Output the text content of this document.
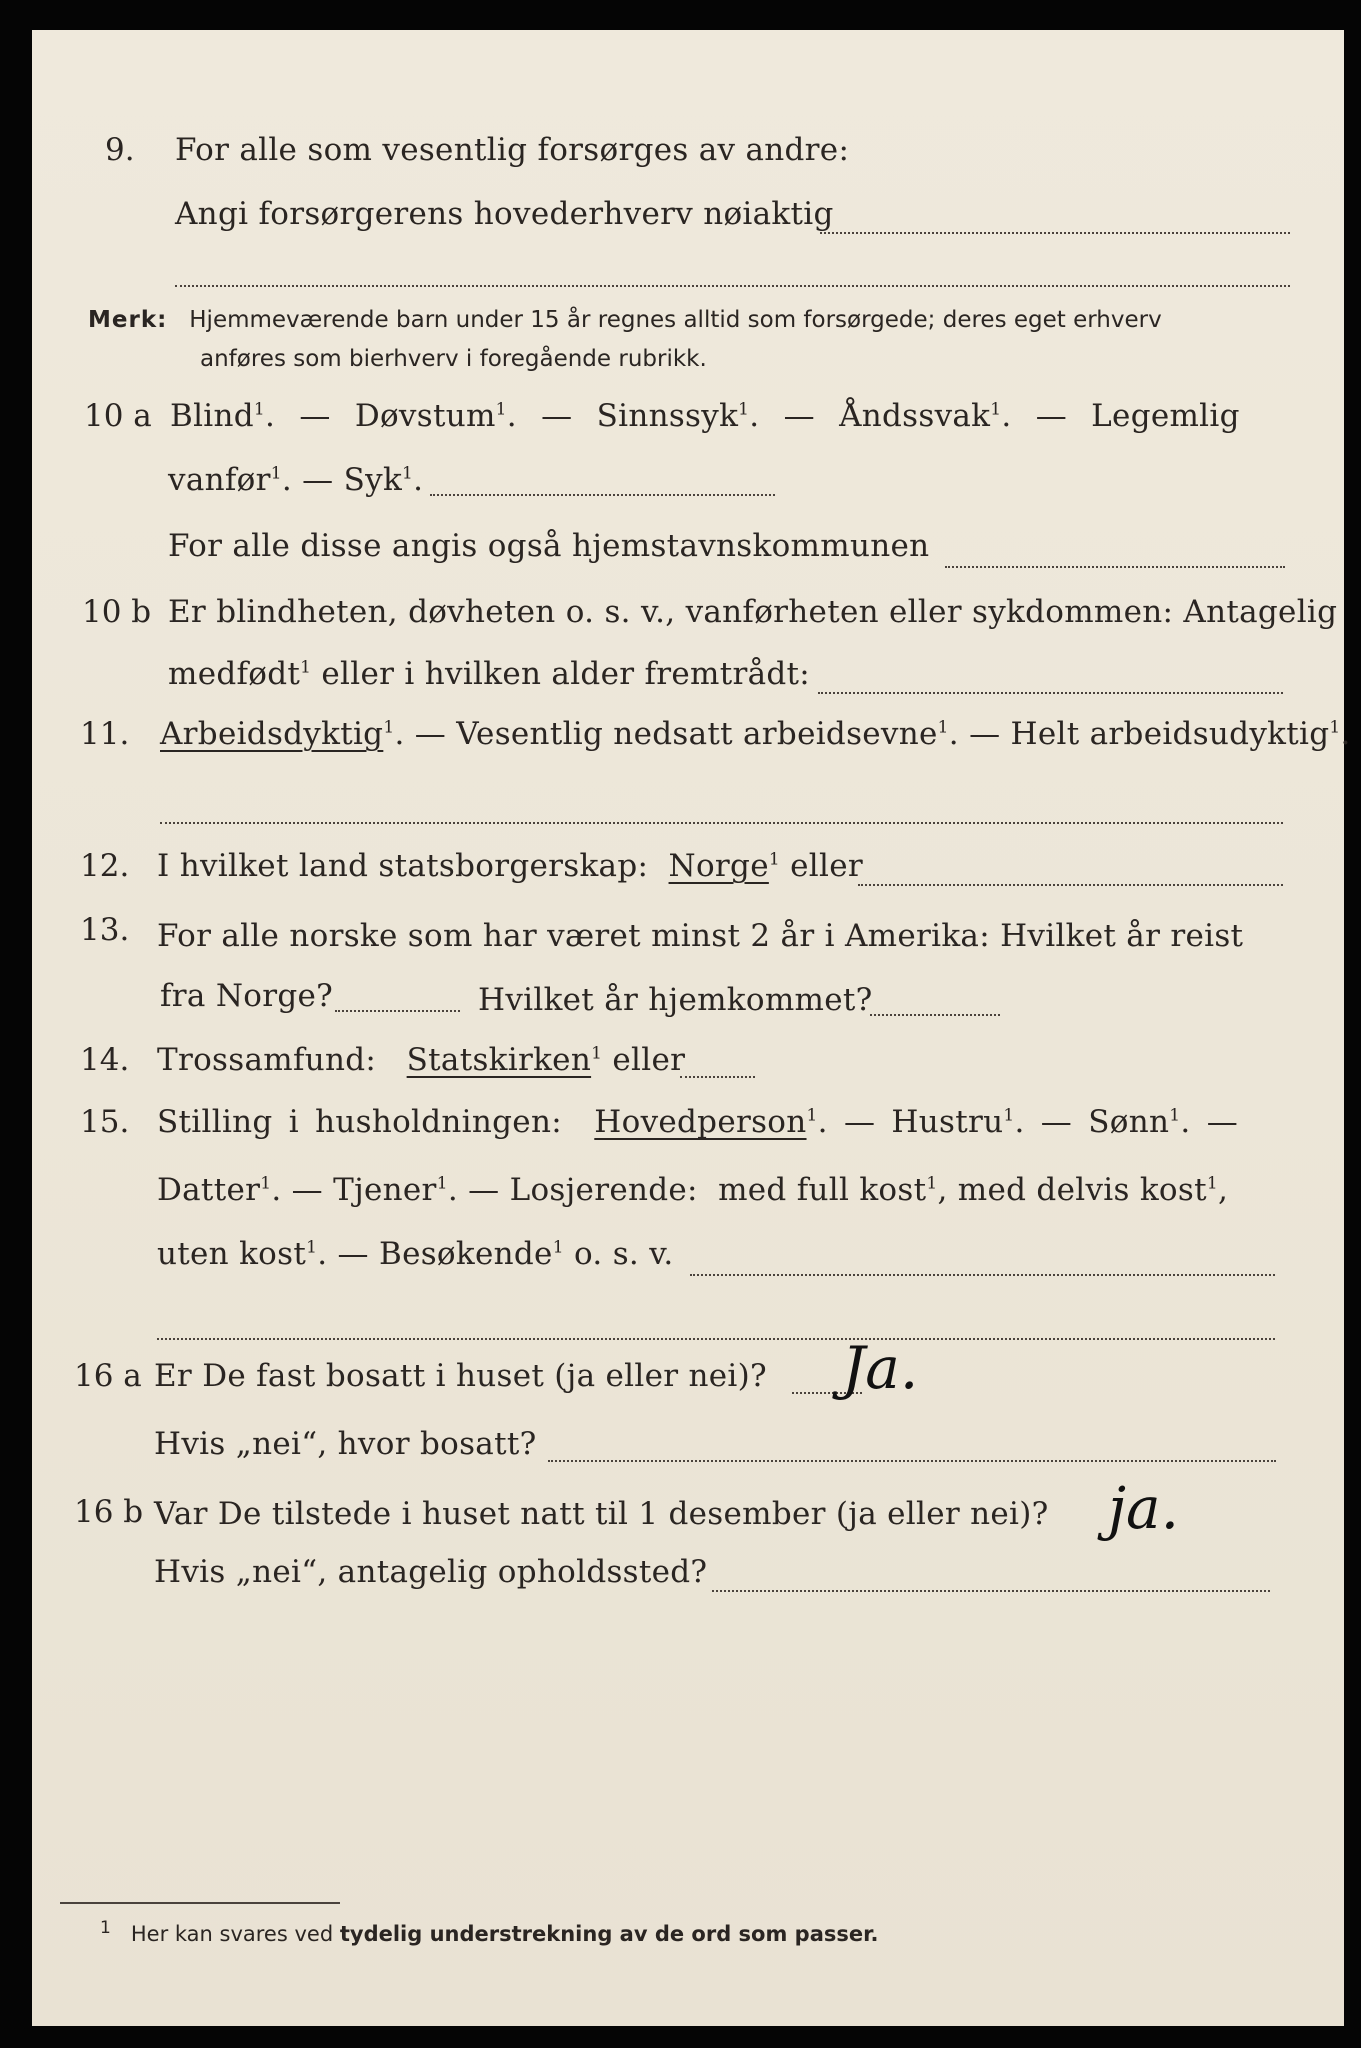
9. For alle som vesentlig forsørges av andre:
Angi forsørgerens hovederhverv nøiaktig
Merk: Hjemmeværende barn under 15 år regnes alltid som forsørgede; deres eget erhverv
anføres som bierhverv i foregående rubrikk.
10 a Blind$^1$. — Døvstum$^1$. — Sinnssyk$^1$. — Åndssvak$^1$. — Legemlig
vanfør$^1$. — Syk$^1$.
For alle disse angis også hjemstavnskommunen
10 b Er blindheten, døvheten o. s. v., vanførheten eller sykdommen: Antagelig
medfødt$^1$ eller i hvilken alder fremtrådt:
11. Arbeidsdyktig$^1$. — Vesentlig nedsatt arbeidsevne$^1$. — Helt arbeidsudyktig$^1$.
12. I hvilket land statsborgerskap: Norge$^1$ eller
13. For alle norske som har været minst 2 år i Amerika: Hvilket år reist
fra Norge?	Hvilket år hjemkommet?
14. Trossamfund: Statskirken$^1$ eller
15. Stilling i husholdningen: Hovedperson$^1$. — Hustru$^1$. — Sønn$^1$. —
Datter$^1$. — Tjener$^1$. — Losjerende: med full kost$^1$, med delvis kost$^1$,
uten kost$^1$. — Besøkende$^1$ o. s. v.
16 a Er De fast bosatt i huset (ja eller nei)? Ja.
Hvis „nei“, hvor bosatt?
16 b Var De tilstede i huset natt til 1 desember (ja eller nei)? ja.
Hvis „nei“, antagelig opholdssted?
$^1$ Her kan svares ved tydelig understrekning av de ord som passer.
